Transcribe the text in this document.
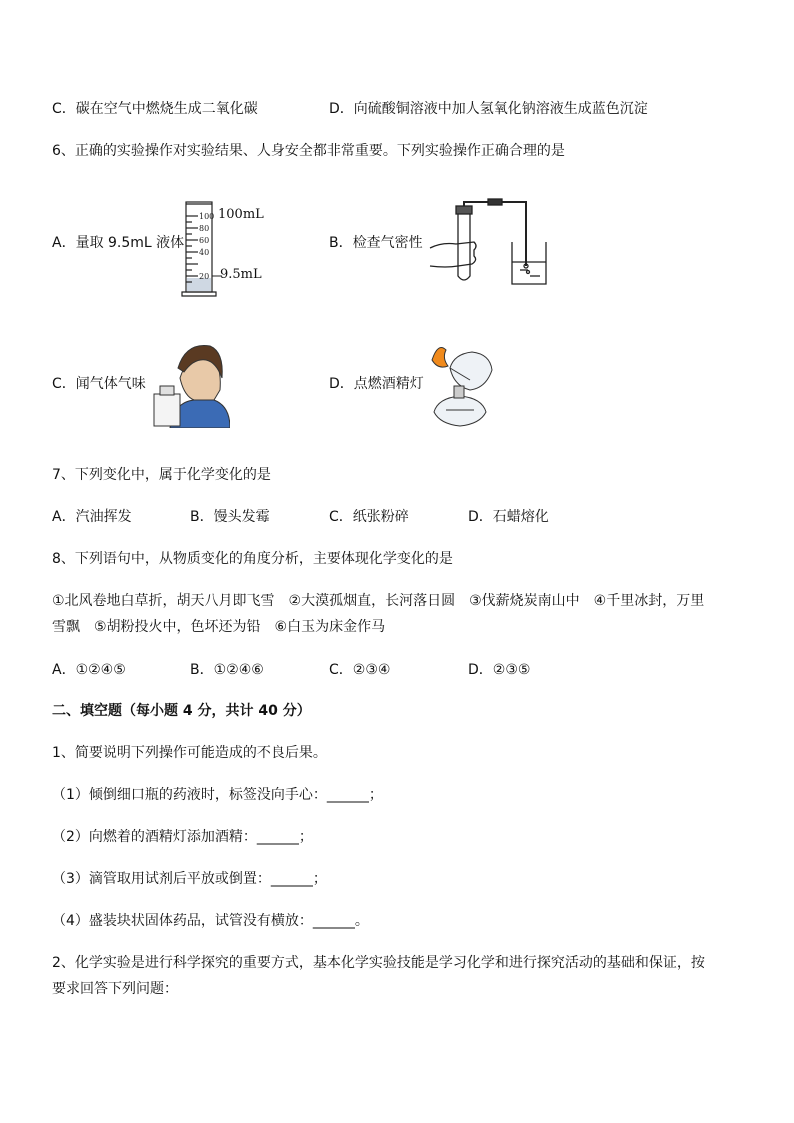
C．碳在空气中燃烧生成二氧化碳	D．向硫酸铜溶液中加人氢氧化钠溶液生成蓝色沉淀
6、正确的实验操作对实验结果、人身安全都非常重要。下列实验操作正确合理的是
A．量取 9.5mL 液体
100
80
60
40
20
100mL
9.5mL
B．检查气密性
C．闻气体气味	D．点燃酒精灯
7、下列变化中，属于化学变化的是
A．汽油挥发	B．馒头发霉	C．纸张粉碎	D．石蜡熔化
8、下列语句中，从物质变化的角度分析，主要体现化学变化的是
①北风卷地白草折，胡天八月即飞雪　②大漠孤烟直，长河落日圆　③伐薪烧炭南山中　④千里冰封，万里
雪飘　⑤胡粉投火中，色坏还为铅　⑥白玉为床金作马
A．①②④⑤	B．①②④⑥	C．②③④	D．②③⑤
二、填空题（每小题 4 分，共计 40 分）
1、简要说明下列操作可能造成的不良后果。
（1）倾倒细口瓶的药液时，标签没向手心：______；
（2）向燃着的酒精灯添加酒精：______；
（3）滴管取用试剂后平放或倒置：______；
（4）盛装块状固体药品，试管没有横放：______。
2、化学实验是进行科学探究的重要方式，基本化学实验技能是学习化学和进行探究活动的基础和保证，按
要求回答下列问题：
